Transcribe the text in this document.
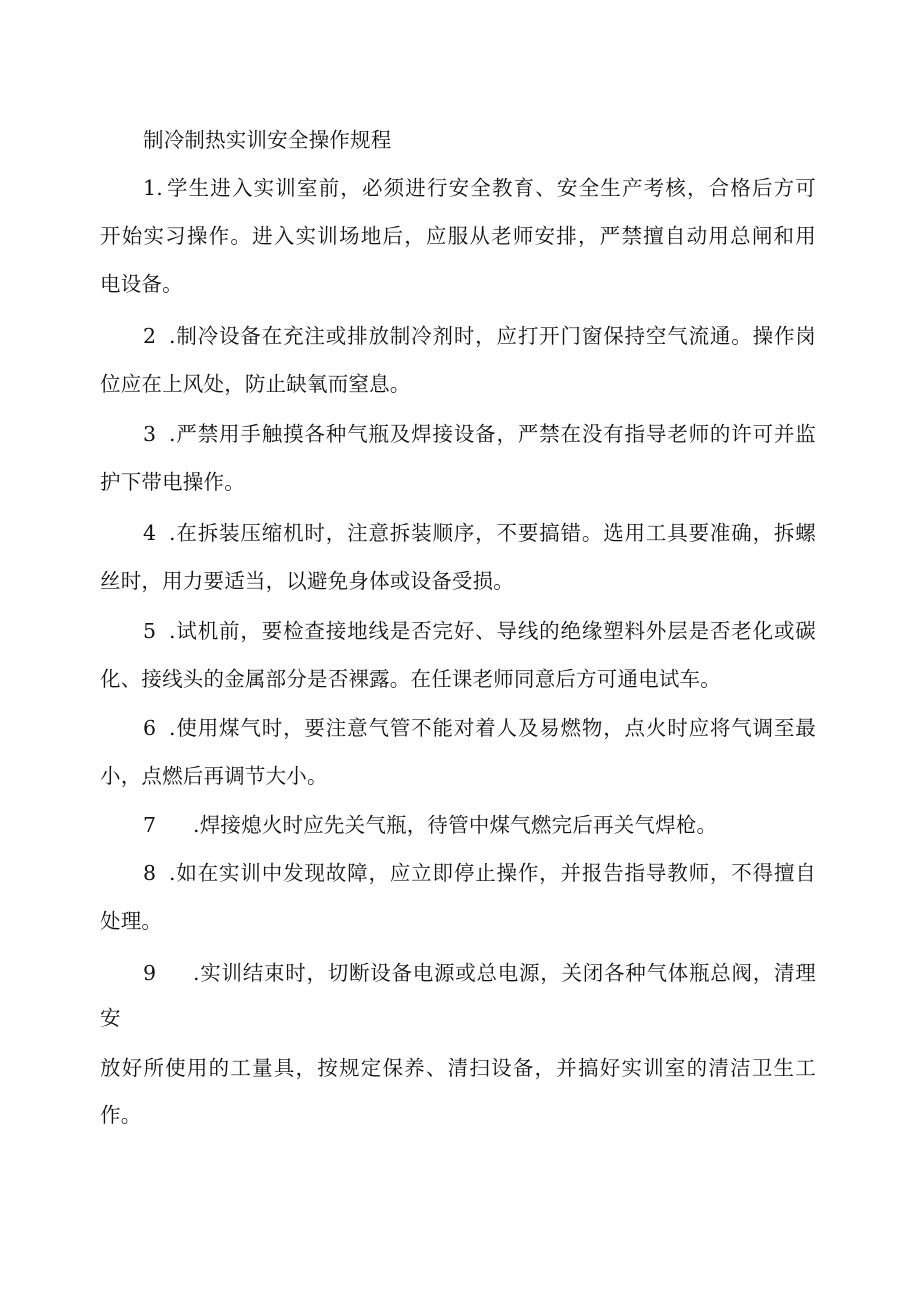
制冷制热实训安全操作规程
1. 学生进入实训室前，必须进行安全教育、安全生产考核，合格后方可
开始实习操作。进入实训场地后，应服从老师安排，严禁擅自动用总闸和用
电设备。
2 .制冷设备在充注或排放制冷剂时，应打开门窗保持空气流通。操作岗
位应在上风处，防止缺氧而窒息。
3 .严禁用手触摸各种气瓶及焊接设备，严禁在没有指导老师的许可并监
护下带电操作。
4 .在拆装压缩机时，注意拆装顺序，不要搞错。选用工具要准确，拆螺
丝时，用力要适当，以避免身体或设备受损。
5 .试机前，要检查接地线是否完好、导线的绝缘塑料外层是否老化或碳
化、接线头的金属部分是否裸露。在任课老师同意后方可通电试车。
6 .使用煤气时，要注意气管不能对着人及易燃物，点火时应将气调至最
小，点燃后再调节大小。
7	.焊接熄火时应先关气瓶，待管中煤气燃完后再关气焊枪。
8 .如在实训中发现故障，应立即停止操作，并报告指导教师，不得擅自
处理。
9	.实训结束时，切断设备电源或总电源，关闭各种气体瓶总阀，清理
安
放好所使用的工量具，按规定保养、清扫设备，并搞好实训室的清洁卫生工
作。
